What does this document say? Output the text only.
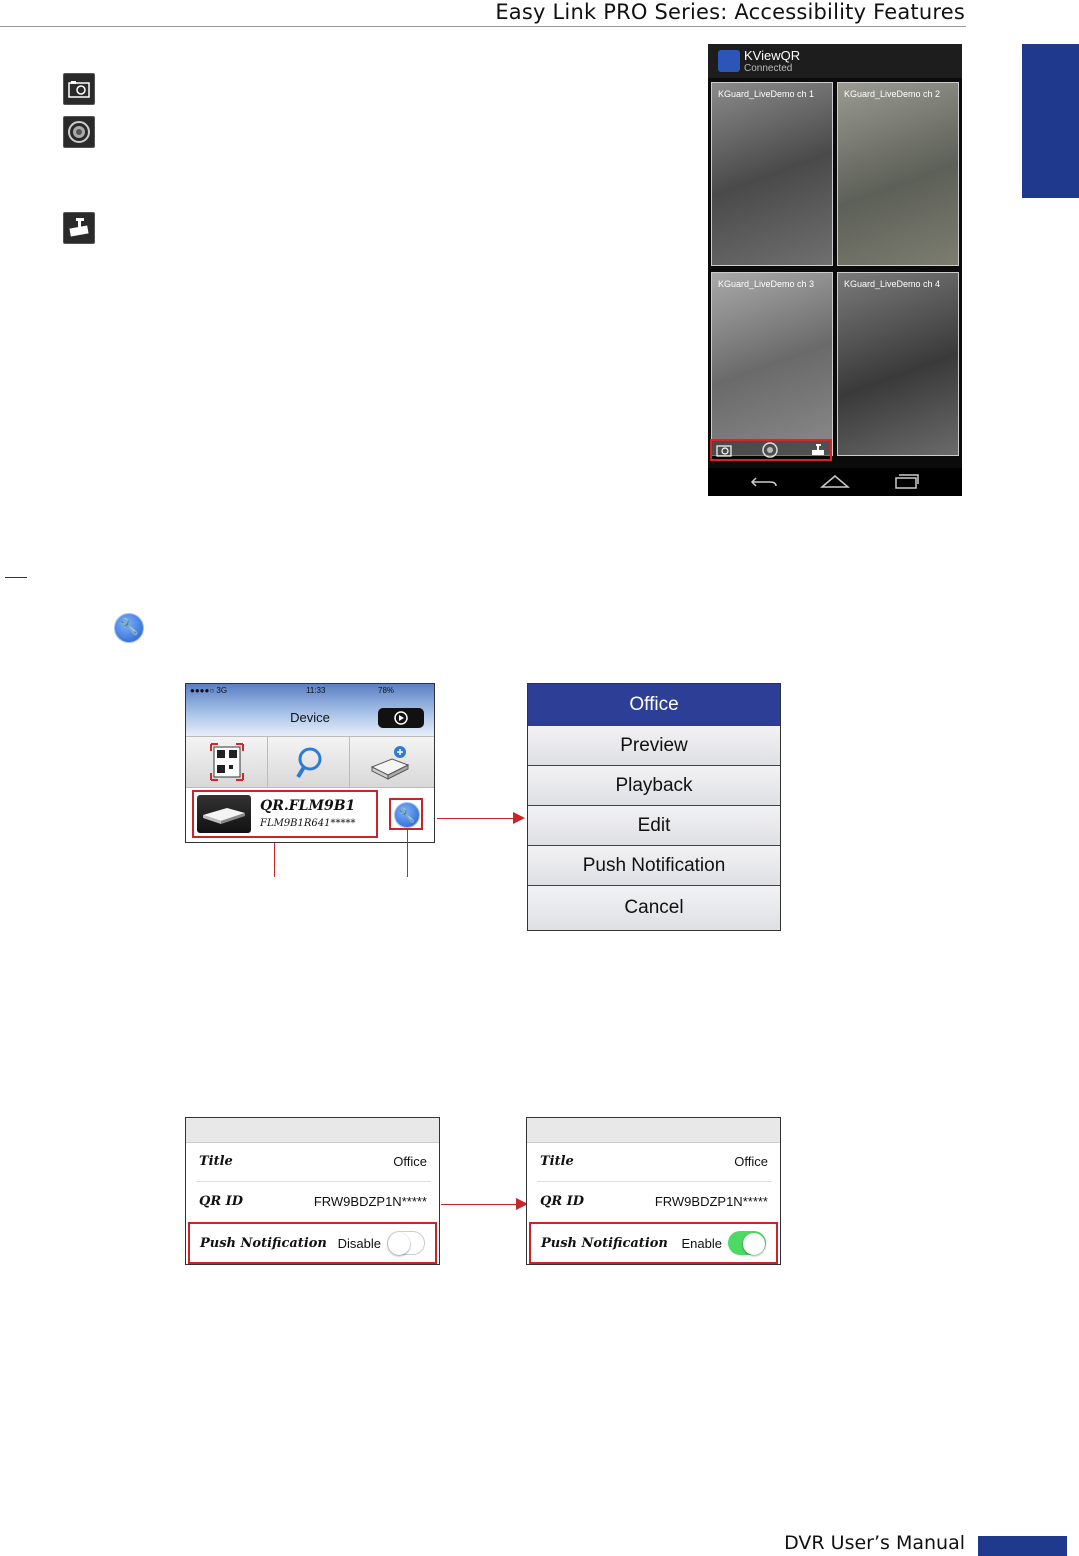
Easy Link PRO Series: Accessibility Features
KViewQR
Connected
KGuard_LiveDemo ch 1	KGuard_LiveDemo ch 2
KGuard_LiveDemo ch 3	KGuard_LiveDemo ch 4
🔧
●●●●○ 3G	11:33	78%
Device
QR.FLM9B1
FLM9B1R641*****
🔧
Office
Preview
Playback
Edit
Push Notification
Cancel
Title	Office
QR ID	FRW9BDZP1N*****
Push Notification Disable
Title	Office
QR ID	FRW9BDZP1N*****
Push Notification Enable
DVR User’s Manual
